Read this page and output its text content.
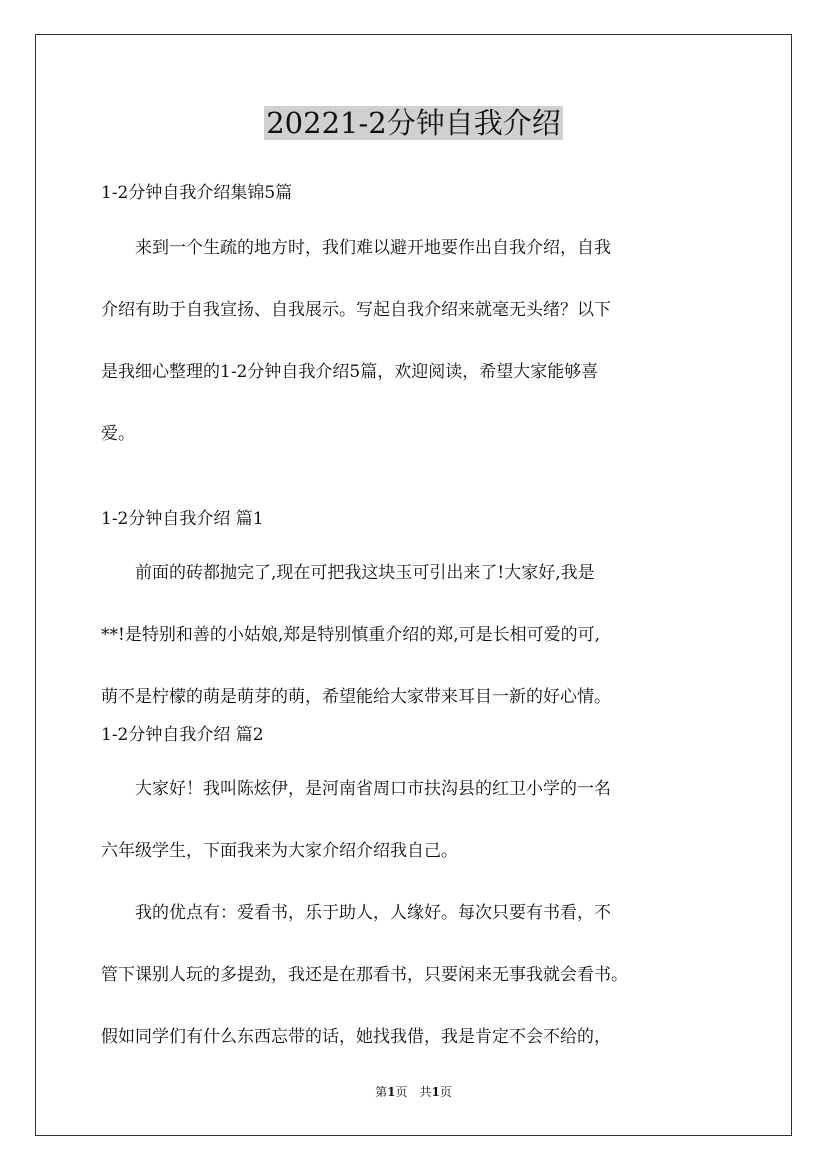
20221-2分钟自我介绍
1-2分钟自我介绍集锦5篇
　　来到一个生疏的地方时，我们难以避开地要作出自我介绍，自我
介绍有助于自我宣扬、自我展示。写起自我介绍来就毫无头绪？以下
是我细心整理的1-2分钟自我介绍5篇，欢迎阅读，希望大家能够喜
爱。
1-2分钟自我介绍 篇1
　　前面的砖都抛完了,现在可把我这块玉可引出来了!大家好,我是
**!是特别和善的小姑娘,郑是特别慎重介绍的郑,可是长相可爱的可,
萌不是柠檬的萌是萌芽的萌，希望能给大家带来耳目一新的好心情。
1-2分钟自我介绍 篇2
　　大家好！我叫陈炫伊，是河南省周口市扶沟县的红卫小学的一名
六年级学生，下面我来为大家介绍介绍我自己。
　　我的优点有：爱看书，乐于助人，人缘好。每次只要有书看，不
管下课别人玩的多提劲，我还是在那看书，只要闲来无事我就会看书。
假如同学们有什么东西忘带的话，她找我借，我是肯定不会不给的，
第1页　共1页
